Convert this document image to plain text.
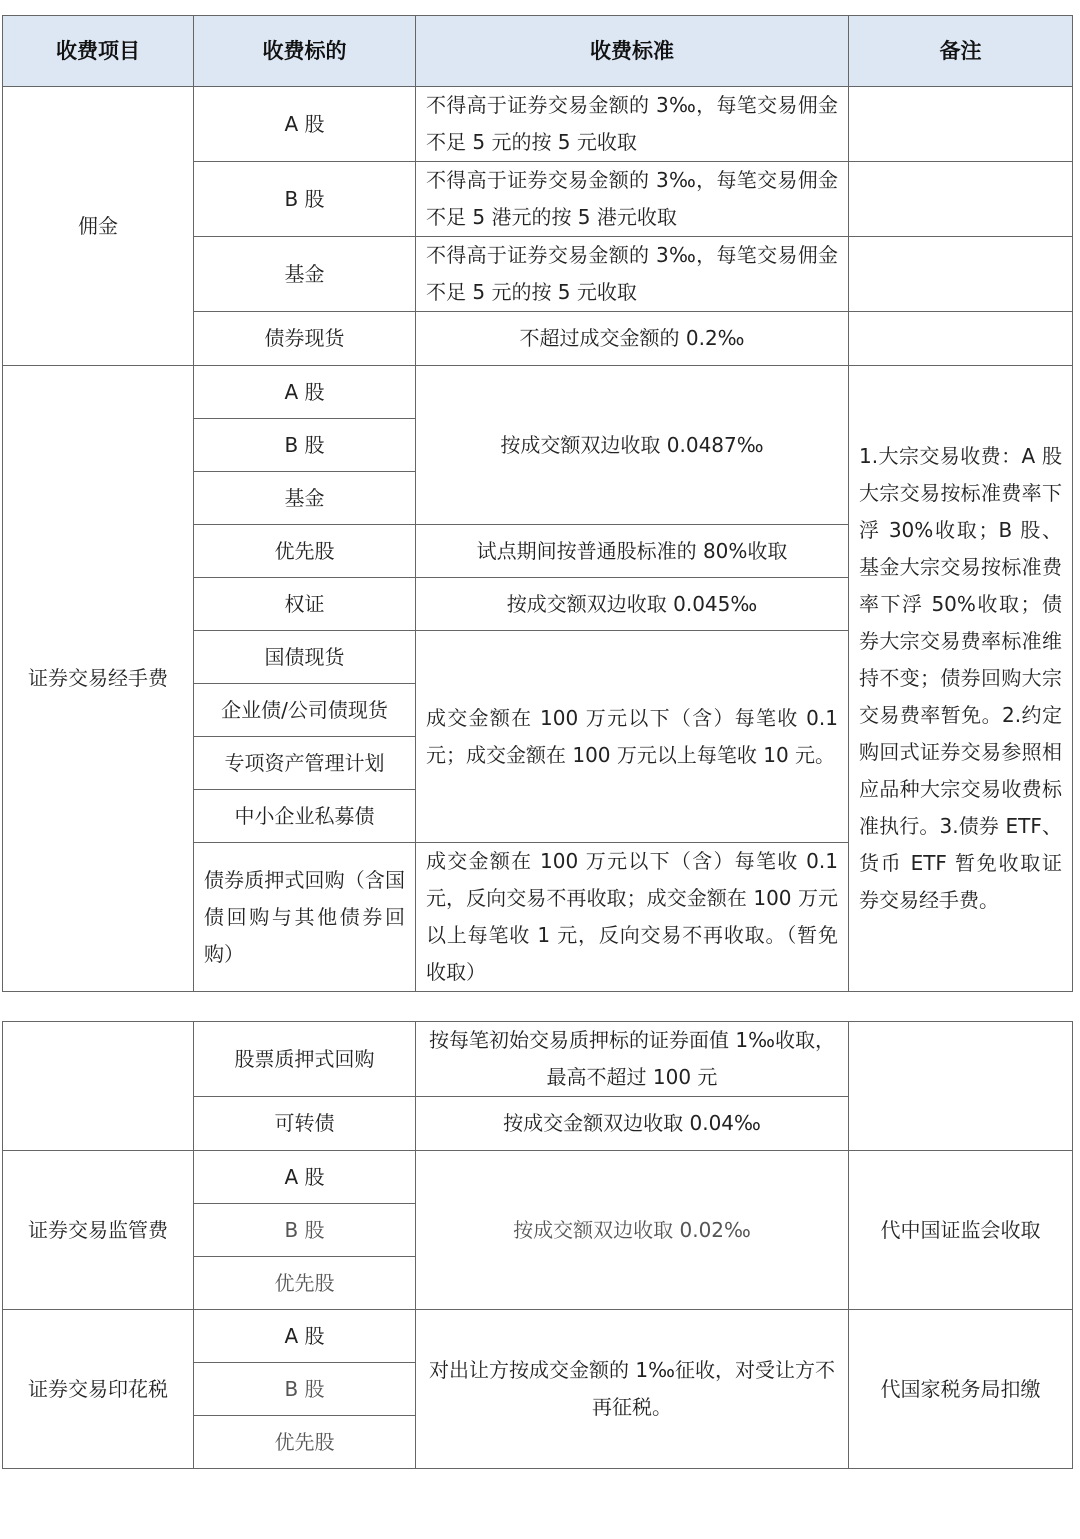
收费项目	收费标的	收费标准	备注
佣金	A 股	不得高于证券交易金额的 3‰，每笔交易佣金不足 5 元的按 5 元收取	
	B 股	不得高于证券交易金额的 3‰，每笔交易佣金不足 5 港元的按 5 港元收取	
	基金	不得高于证券交易金额的 3‰，每笔交易佣金不足 5 元的按 5 元收取	
	债券现货	不超过成交金额的 0.2‰	
证券交易经手费	A 股	按成交额双边收取 0.0487‰	1.大宗交易收费：A 股大宗交易按标准费率下浮 30%收取；B 股、基金大宗交易按标准费率下浮 50%收取；债券大宗交易费率标准维持不变；债券回购大宗交易费率暂免。2.约定购回式证券交易参照相应品种大宗交易收费标准执行。3.债券 ETF、货币 ETF 暂免收取证券交易经手费。
	B 股		
	基金		
	优先股	试点期间按普通股标准的 80%收取	
	权证	按成交额双边收取 0.045‰	
	国债现货	成交金额在 100 万元以下（含）每笔收 0.1 元；成交金额在 100 万元以上每笔收 10 元。	
	企业债/公司债现货		
	专项资产管理计划		
	中小企业私募债		
	债券质押式回购（含国债回购与其他债券回购）	成交金额在 100 万元以下（含）每笔收 0.1 元，反向交易不再收取；成交金额在 100 万元以上每笔收 1 元，反向交易不再收取。（暂免收取）	
	股票质押式回购	按每笔初始交易质押标的证券面值 1‰收取，最高不超过 100 元	
	可转债	按成交金额双边收取 0.04‰	
证券交易监管费	A 股	按成交额双边收取 0.02‰	代中国证监会收取
	B 股		
	优先股		
证券交易印花税	A 股	对出让方按成交金额的 1‰征收，对受让方不再征税。	代国家税务局扣缴
	B 股		
	优先股		
